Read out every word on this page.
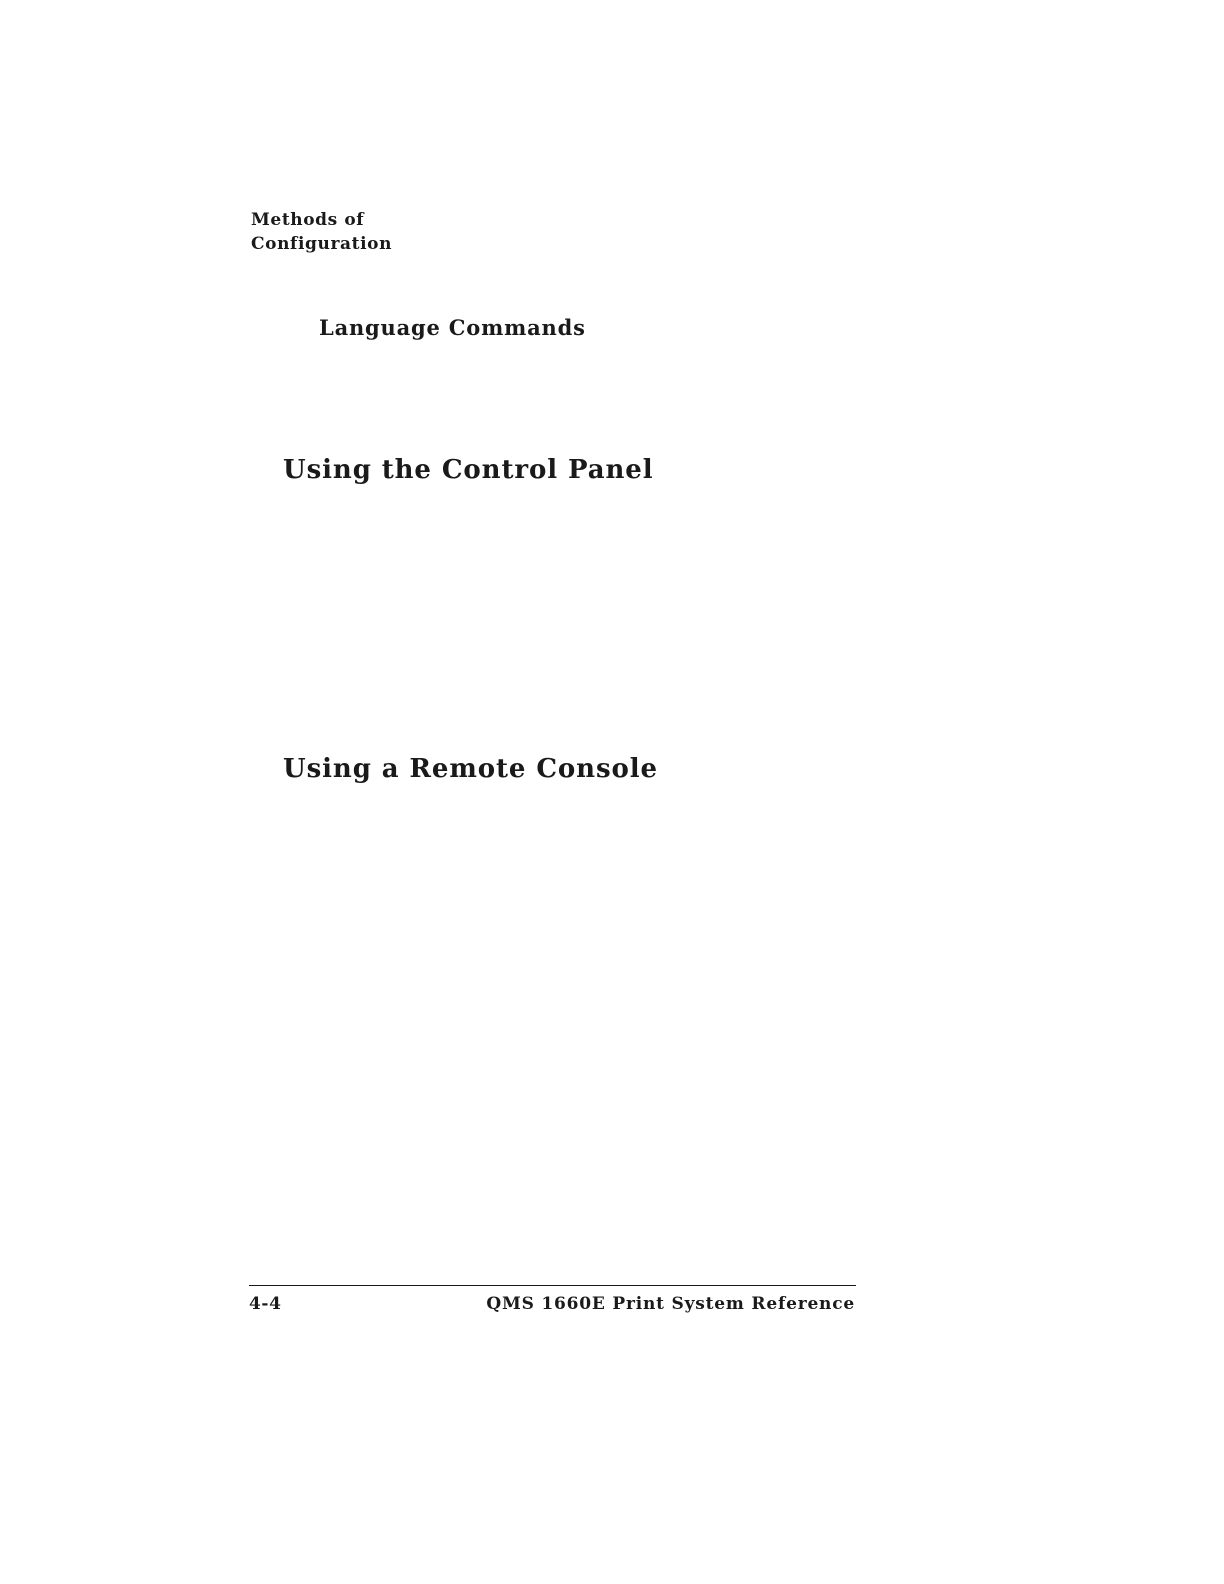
Methods of
Configuration
Language Commands
Using the Control Panel
Using a Remote Console
4-4	QMS 1660E Print System Reference
